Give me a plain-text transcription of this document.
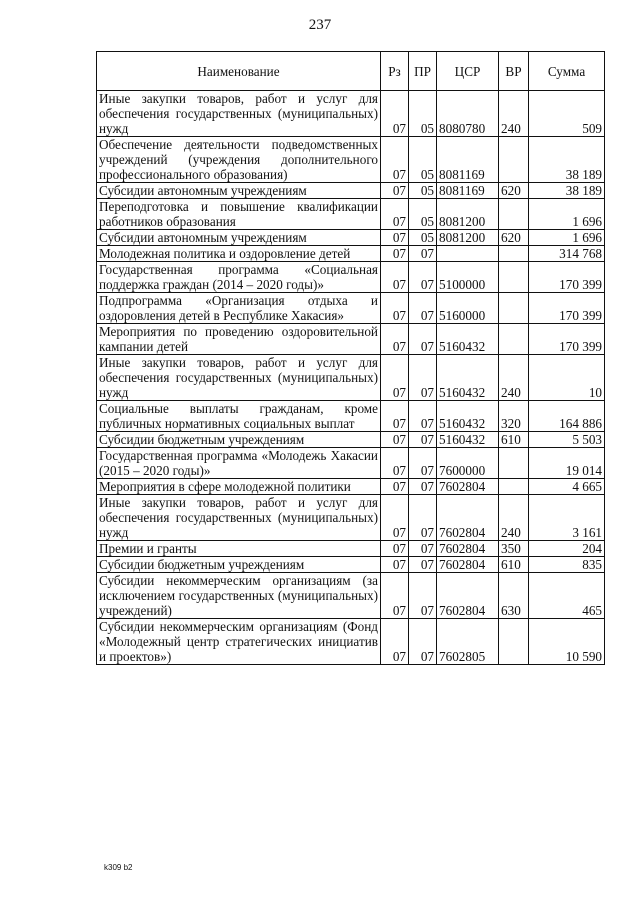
237
Наименование	Рз	ПР	ЦСР	ВР	Сумма
Иные закупки товаров, работ и услуг для обеспечения государственных (муниципальных) нужд	07	05	8080780	240	509
Обеспечение деятельности подведомственных учреждений (учреждения дополнительного профессионального образования)	07	05	8081169		38 189
Субсидии автономным учреждениям	07	05	8081169	620	38 189
Переподготовка и повышение квалификации работников образования	07	05	8081200		1 696
Субсидии автономным учреждениям	07	05	8081200	620	1 696
Молодежная политика и оздоровление детей	07	07			314 768
Государственная программа «Социальная поддержка граждан (2014 – 2020 годы)»	07	07	5100000		170 399
Подпрограмма «Организация отдыха и оздоровления детей в Республике Хакасия»	07	07	5160000		170 399
Мероприятия по проведению оздоровительной кампании детей	07	07	5160432		170 399
Иные закупки товаров, работ и услуг для обеспечения государственных (муниципальных) нужд	07	07	5160432	240	10
Социальные выплаты гражданам, кроме публичных нормативных социальных выплат	07	07	5160432	320	164 886
Субсидии бюджетным учреждениям	07	07	5160432	610	5 503
Государственная программа «Молодежь Хакасии (2015 – 2020 годы)»	07	07	7600000		19 014
Мероприятия в сфере молодежной политики	07	07	7602804		4 665
Иные закупки товаров, работ и услуг для обеспечения государственных (муниципальных) нужд	07	07	7602804	240	3 161
Премии и гранты	07	07	7602804	350	204
Субсидии бюджетным учреждениям	07	07	7602804	610	835
Субсидии некоммерческим организациям (за исключением государственных (муниципальных) учреждений)	07	07	7602804	630	465
Субсидии некоммерческим организациям (Фонд «Молодежный центр стратегических инициатив и проектов»)	07	07	7602805		10 590
k309 b2
